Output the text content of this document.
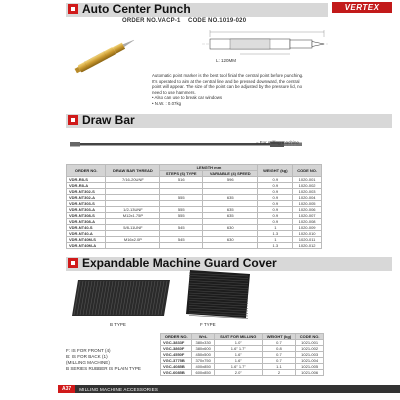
Auto Center Punch	VERTEX
ORDER NO.VACP-1 CODE NO.1019-020
L: 120MM

Automatic point marker is the best tool finial the central point before punching.

It's operated to aim at the central line and be pressed downward, the central

point will appear. The size of the point can be adjusted by the pressure lid, no

need to use hammers.

• Also can use to break car windows

• N.W. : 0.07kg

Draw Bar
= For milling machine
ORDER NO.	DRAW BAR THREAD	LENGTH mm		WEIGHT (kg)	CODE NO.
		STEPS (6) TYPE	VARIABLE (4) SPEED		
VDR-R8-S	7/16-20UNF	516	596	0.9	1020-001
VDR-R8-A				0.9	1020-002
VDR-NT302-S				0.9	1020-003
VDR-NT302-A		555	635	0.9	1020-004
VDR-NT303-S				0.9	1020-005
VDR-NT303-A	1/2-13UNF	555	635	0.9	1020-006
VDR-NT308-S	M12x1.75P	555	635	0.9	1020-007
VDR-NT308-A				0.9	1020-008
VDR-NT40-S	5/8-11UNF	545	630	1	1020-009
VDR-NT40-A				1.3	1020-010
VDR-NT40M-S	M16x2.0P	545	630	1	1020-011
VDR-NT40M-A				1.3	1020-012
Expandable Machine Guard Cover
B TYPE	F TYPE
F: IS FOR FRONT (4)
B: IS FOR BACK (1)
(MILLING MACHINE)
B SERIES RUBBER IS PLAIN TYPE
ORDER NO.	W×L	SUIT FOR MILLING	WEIGHT (kg)	CODE NO.
VGC-3833F	380x330	1.0"	0.7	1021-001
VGC-3860F	380x600	1.6" 1.7"	0.8	1021-002
VGC-4550F	450x500	1.6"	0.7	1021-003
VGC-3775B	370x750	1.6"	0.7	1021-004
VGC-4085B	400x850	1.6" 1.7"	1.1	1021-005
VGC-6085B	600x850	2.0"	2	1021-006
A37	MILLING MACHINE ACCESSORIES
